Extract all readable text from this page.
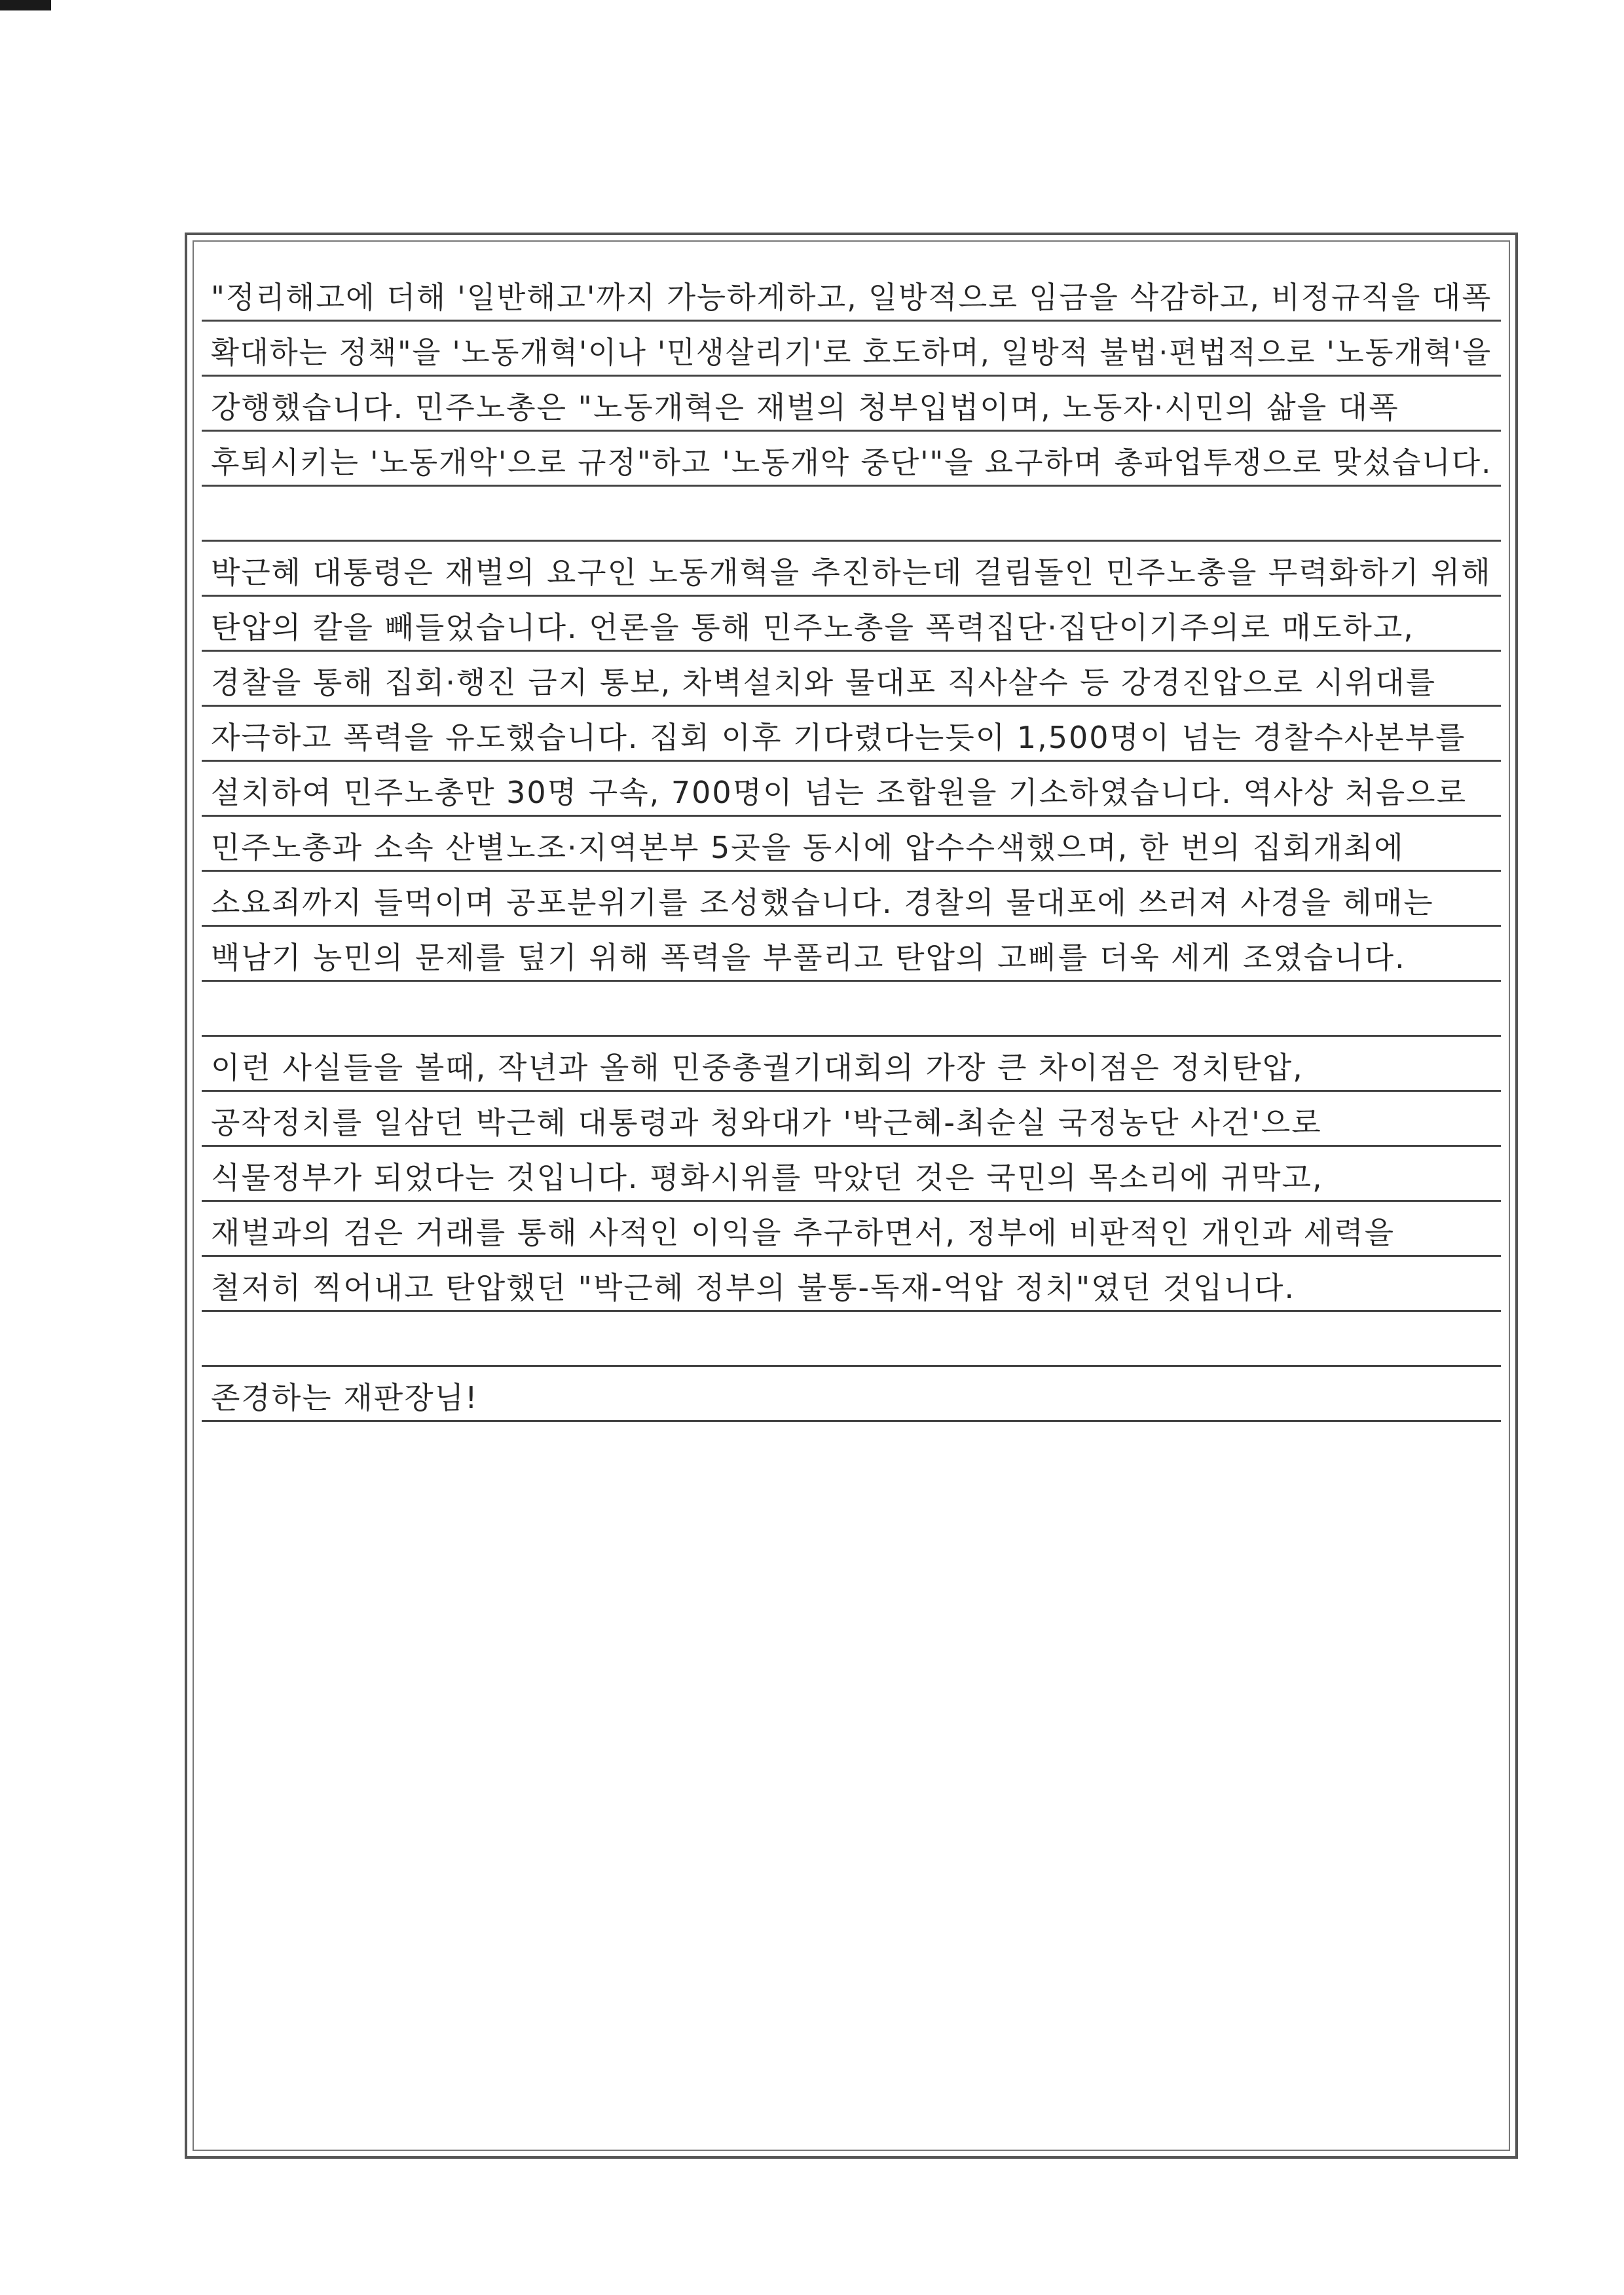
"정리해고에 더해 '일반해고'까지 가능하게하고, 일방적으로 임금을 삭감하고, 비정규직을 대폭
확대하는 정책"을 '노동개혁'이나 '민생살리기'로 호도하며, 일방적 불법·편법적으로 '노동개혁'을
강행했습니다. 민주노총은 "노동개혁은 재벌의 청부입법이며, 노동자·시민의 삶을 대폭
후퇴시키는 '노동개악'으로 규정"하고 '노동개악 중단'"을 요구하며 총파업투쟁으로 맞섰습니다.
박근혜 대통령은 재벌의 요구인 노동개혁을 추진하는데 걸림돌인 민주노총을 무력화하기 위해
탄압의 칼을 빼들었습니다. 언론을 통해 민주노총을 폭력집단·집단이기주의로 매도하고,
경찰을 통해 집회·행진 금지 통보, 차벽설치와 물대포 직사살수 등 강경진압으로 시위대를
자극하고 폭력을 유도했습니다. 집회 이후 기다렸다는듯이 1,500명이 넘는 경찰수사본부를
설치하여 민주노총만 30명 구속, 700명이 넘는 조합원을 기소하였습니다. 역사상 처음으로
민주노총과 소속 산별노조·지역본부 5곳을 동시에 압수수색했으며, 한 번의 집회개최에
소요죄까지 들먹이며 공포분위기를 조성했습니다. 경찰의 물대포에 쓰러져 사경을 헤매는
백남기 농민의 문제를 덮기 위해 폭력을 부풀리고 탄압의 고삐를 더욱 세게 조였습니다.
이런 사실들을 볼때, 작년과 올해 민중총궐기대회의 가장 큰 차이점은 정치탄압,
공작정치를 일삼던 박근혜 대통령과 청와대가 '박근혜-최순실 국정농단 사건'으로
식물정부가 되었다는 것입니다. 평화시위를 막았던 것은 국민의 목소리에 귀막고,
재벌과의 검은 거래를 통해 사적인 이익을 추구하면서, 정부에 비판적인 개인과 세력을
철저히 찍어내고 탄압했던 "박근혜 정부의 불통-독재-억압 정치"였던 것입니다.
존경하는 재판장님!
